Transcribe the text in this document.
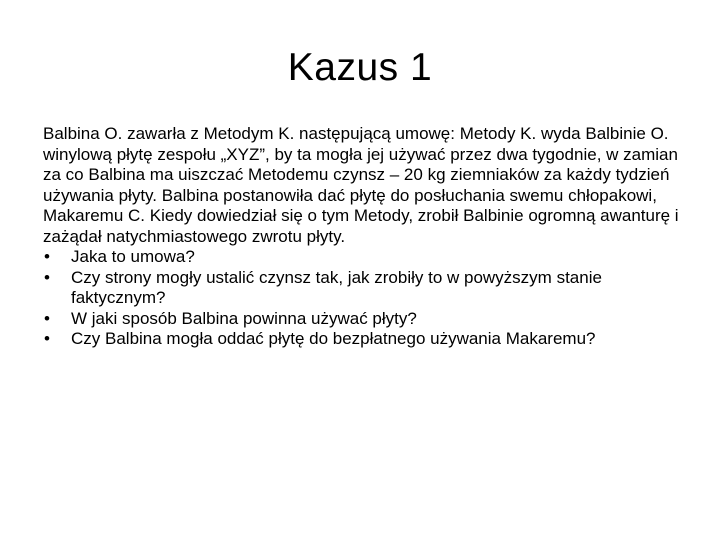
Kazus 1

Balbina O. zawarła z Metodym K. następującą umowę: Metody K. wyda Balbinie O. winylową płytę zespołu „XYZ”, by ta mogła jej używać przez dwa tygodnie, w zamian za co Balbina ma uiszczać Metodemu czynsz – 20 kg ziemniaków za każdy tydzień używania płyty. Balbina postanowiła dać płytę do posłuchania swemu chłopakowi, Makaremu C. Kiedy dowiedział się o tym Metody, zrobił Balbinie ogromną awanturę i zażądał natychmiastowego zwrotu płyty.

• Jaka to umowa?
• Czy strony mogły ustalić czynsz tak, jak zrobiły to w powyższym stanie faktycznym?
• W jaki sposób Balbina powinna używać płyty?
• Czy Balbina mogła oddać płytę do bezpłatnego używania Makaremu?
